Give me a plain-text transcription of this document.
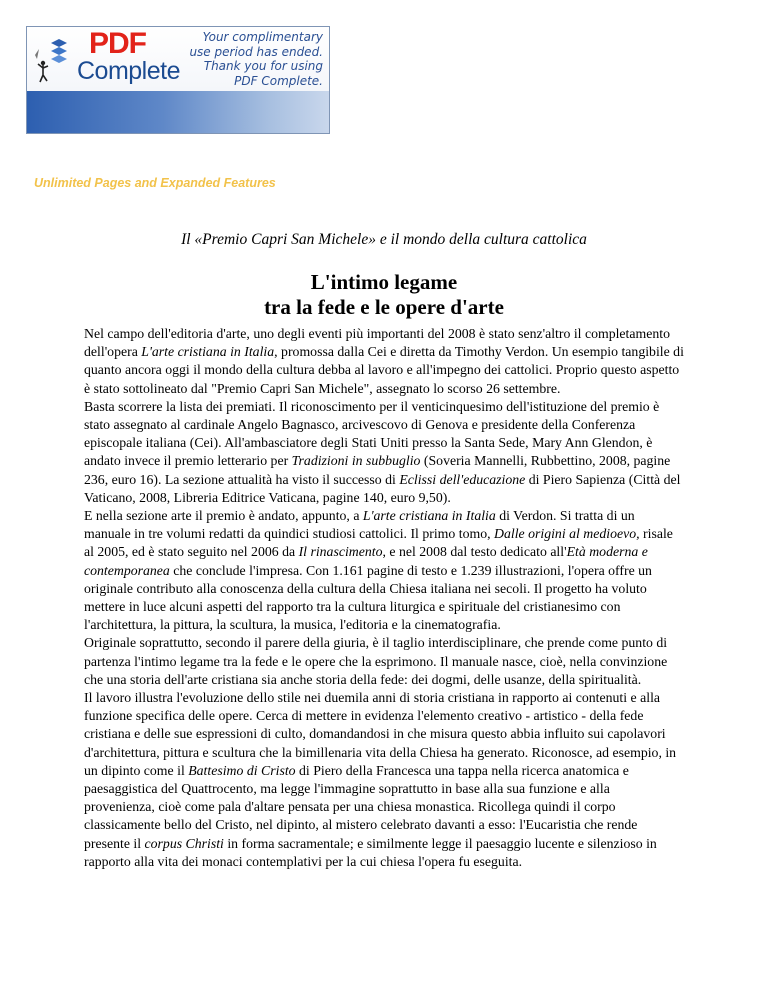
PDF
Complete
Your complimentary
use period has ended.
Thank you for using
PDF Complete.
Click Here to upgrade to
Unlimited Pages and Expanded Features
Il «Premio Capri San Michele» e il mondo della cultura cattolica
L'intimo legame
tra la fede e le opere d'arte

Nel campo dell'editoria d'arte, uno degli eventi più importanti del 2008 è stato senz'altro il completamento dell'opera L'arte cristiana in Italia, promossa dalla Cei e diretta da Timothy Verdon. Un esempio tangibile di quanto ancora oggi il mondo della cultura debba al lavoro e all'impegno dei cattolici. Proprio questo aspetto è stato sottolineato dal "Premio Capri San Michele", assegnato lo scorso 26 settembre.

Basta scorrere la lista dei premiati. Il riconoscimento per il venticinquesimo dell'istituzione del premio è stato assegnato al cardinale Angelo Bagnasco, arcivescovo di Genova e presidente della Conferenza episcopale italiana (Cei). All'ambasciatore degli Stati Uniti presso la Santa Sede, Mary Ann Glendon, è andato invece il premio letterario per Tradizioni in subbuglio (Soveria Mannelli, Rubbettino, 2008, pagine 236, euro 16). La sezione attualità ha visto il successo di Eclissi dell'educazione di Piero Sapienza (Città del Vaticano, 2008, Libreria Editrice Vaticana, pagine 140, euro 9,50).

E nella sezione arte il premio è andato, appunto, a L'arte cristiana in Italia di Verdon. Si tratta di un manuale in tre volumi redatti da quindici studiosi cattolici. Il primo tomo, Dalle origini al medioevo, risale al 2005, ed è stato seguito nel 2006 da Il rinascimento, e nel 2008 dal testo dedicato all'Età moderna e contemporanea che conclude l'impresa. Con 1.161 pagine di testo e 1.239 illustrazioni, l'opera offre un originale contributo alla conoscenza della cultura della Chiesa italiana nei secoli. Il progetto ha voluto mettere in luce alcuni aspetti del rapporto tra la cultura liturgica e spirituale del cristianesimo con l'architettura, la pittura, la scultura, la musica, l'editoria e la cinematografia.

Originale soprattutto, secondo il parere della giuria, è il taglio interdisciplinare, che prende come punto di partenza l'intimo legame tra la fede e le opere che la esprimono. Il manuale nasce, cioè, nella convinzione che una storia dell'arte cristiana sia anche storia della fede: dei dogmi, delle usanze, della spiritualità.

Il lavoro illustra l'evoluzione dello stile nei duemila anni di storia cristiana in rapporto ai contenuti e alla funzione specifica delle opere. Cerca di mettere in evidenza l'elemento creativo - artistico - della fede cristiana e delle sue espressioni di culto, domandandosi in che misura questo abbia influito sui capolavori d'architettura, pittura e scultura che la bimillenaria vita della Chiesa ha generato. Riconosce, ad esempio, in un dipinto come il Battesimo di Cristo di Piero della Francesca una tappa nella ricerca anatomica e paesaggistica del Quattrocento, ma legge l'immagine soprattutto in base alla sua funzione e alla provenienza, cioè come pala d'altare pensata per una chiesa monastica. Ricollega quindi il corpo classicamente bello del Cristo, nel dipinto, al mistero celebrato davanti a esso: l'Eucaristia che rende presente il corpus Christi in forma sacramentale; e similmente legge il paesaggio lucente e silenzioso in rapporto alla vita dei monaci contemplativi per la cui chiesa l'opera fu eseguita.
